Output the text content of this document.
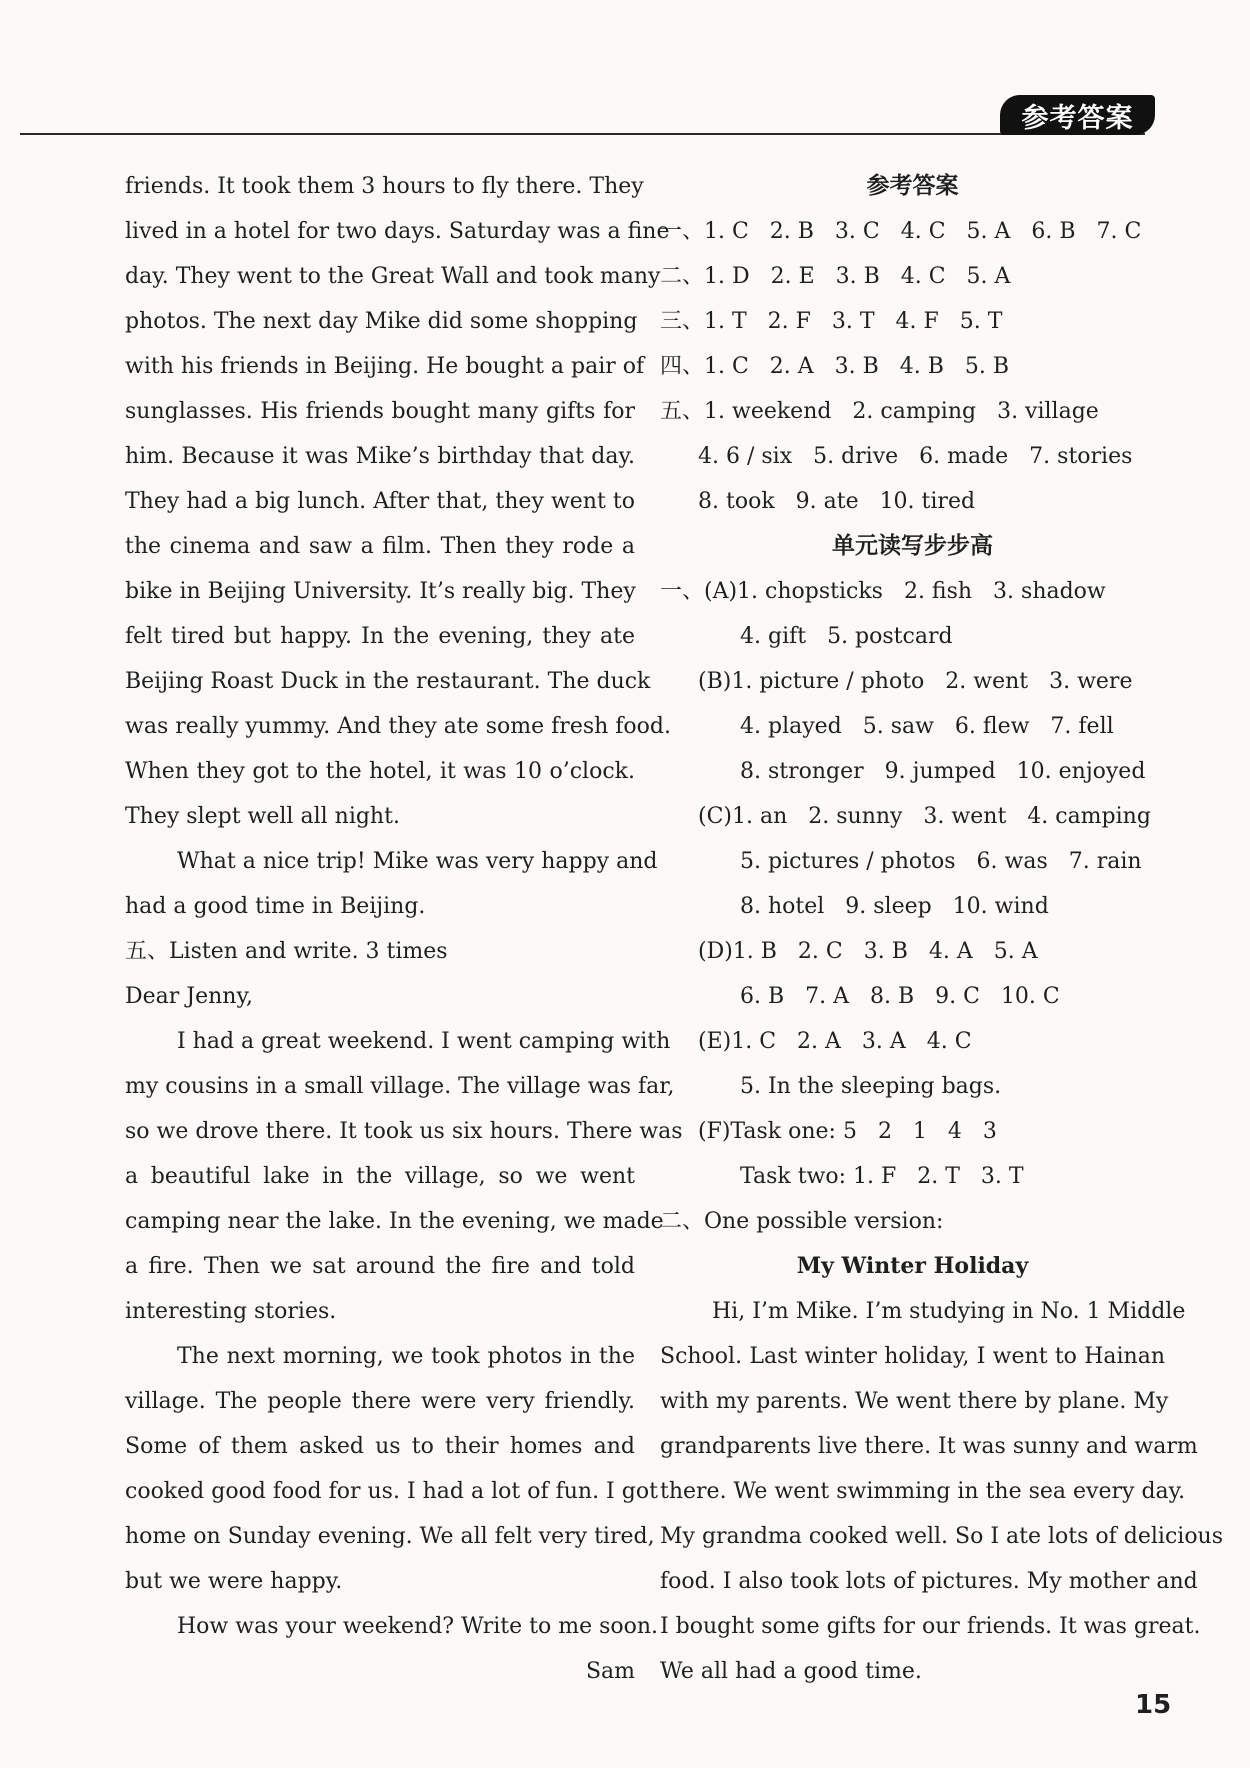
参考答案
friends. It took them 3 hours to fly there. They
lived in a hotel for two days. Saturday was a fine
day. They went to the Great Wall and took many
photos. The next day Mike did some shopping
with his friends in Beijing. He bought a pair of
sunglasses. His friends bought many gifts for
him. Because it was Mike’s birthday that day.
They had a big lunch. After that, they went to
the cinema and saw a film. Then they rode a
bike in Beijing University. It’s really big. They
felt tired but happy. In the evening, they ate
Beijing Roast Duck in the restaurant. The duck
was really yummy. And they ate some fresh food.
When they got to the hotel, it was 10 o’clock.
They slept well all night.
What a nice trip! Mike was very happy and
had a good time in Beijing.
五、Listen and write. 3 times
Dear Jenny,
I had a great weekend. I went camping with
my cousins in a small village. The village was far,
so we drove there. It took us six hours. There was
a beautiful lake in the village, so we went
camping near the lake. In the evening, we made
a fire. Then we sat around the fire and told
interesting stories.
The next morning, we took photos in the
village. The people there were very friendly.
Some of them asked us to their homes and
cooked good food for us. I had a lot of fun. I got
home on Sunday evening. We all felt very tired,
but we were happy.
How was your weekend? Write to me soon.
Sam
参考答案
一、1. C   2. B   3. C   4. C   5. A   6. B   7. C
二、1. D   2. E   3. B   4. C   5. A
三、1. T   2. F   3. T   4. F   5. T
四、1. C   2. A   3. B   4. B   5. B
五、1. weekend   2. camping   3. village
4. 6 / six   5. drive   6. made   7. stories
8. took   9. ate   10. tired
单元读写步步高
一、(A)1. chopsticks   2. fish   3. shadow
4. gift   5. postcard
(B)1. picture / photo   2. went   3. were
4. played   5. saw   6. flew   7. fell
8. stronger   9. jumped   10. enjoyed
(C)1. an   2. sunny   3. went   4. camping
5. pictures / photos   6. was   7. rain
8. hotel   9. sleep   10. wind
(D)1. B   2. C   3. B   4. A   5. A
6. B   7. A   8. B   9. C   10. C
(E)1. C   2. A   3. A   4. C
5. In the sleeping bags.
(F)Task one: 5   2   1   4   3
Task two: 1. F   2. T   3. T
二、One possible version:
My Winter Holiday
Hi, I’m Mike. I’m studying in No. 1 Middle
School. Last winter holiday, I went to Hainan
with my parents. We went there by plane. My
grandparents live there. It was sunny and warm
there. We went swimming in the sea every day.
My grandma cooked well. So I ate lots of delicious
food. I also took lots of pictures. My mother and
I bought some gifts for our friends. It was great.
We all had a good time.
15
